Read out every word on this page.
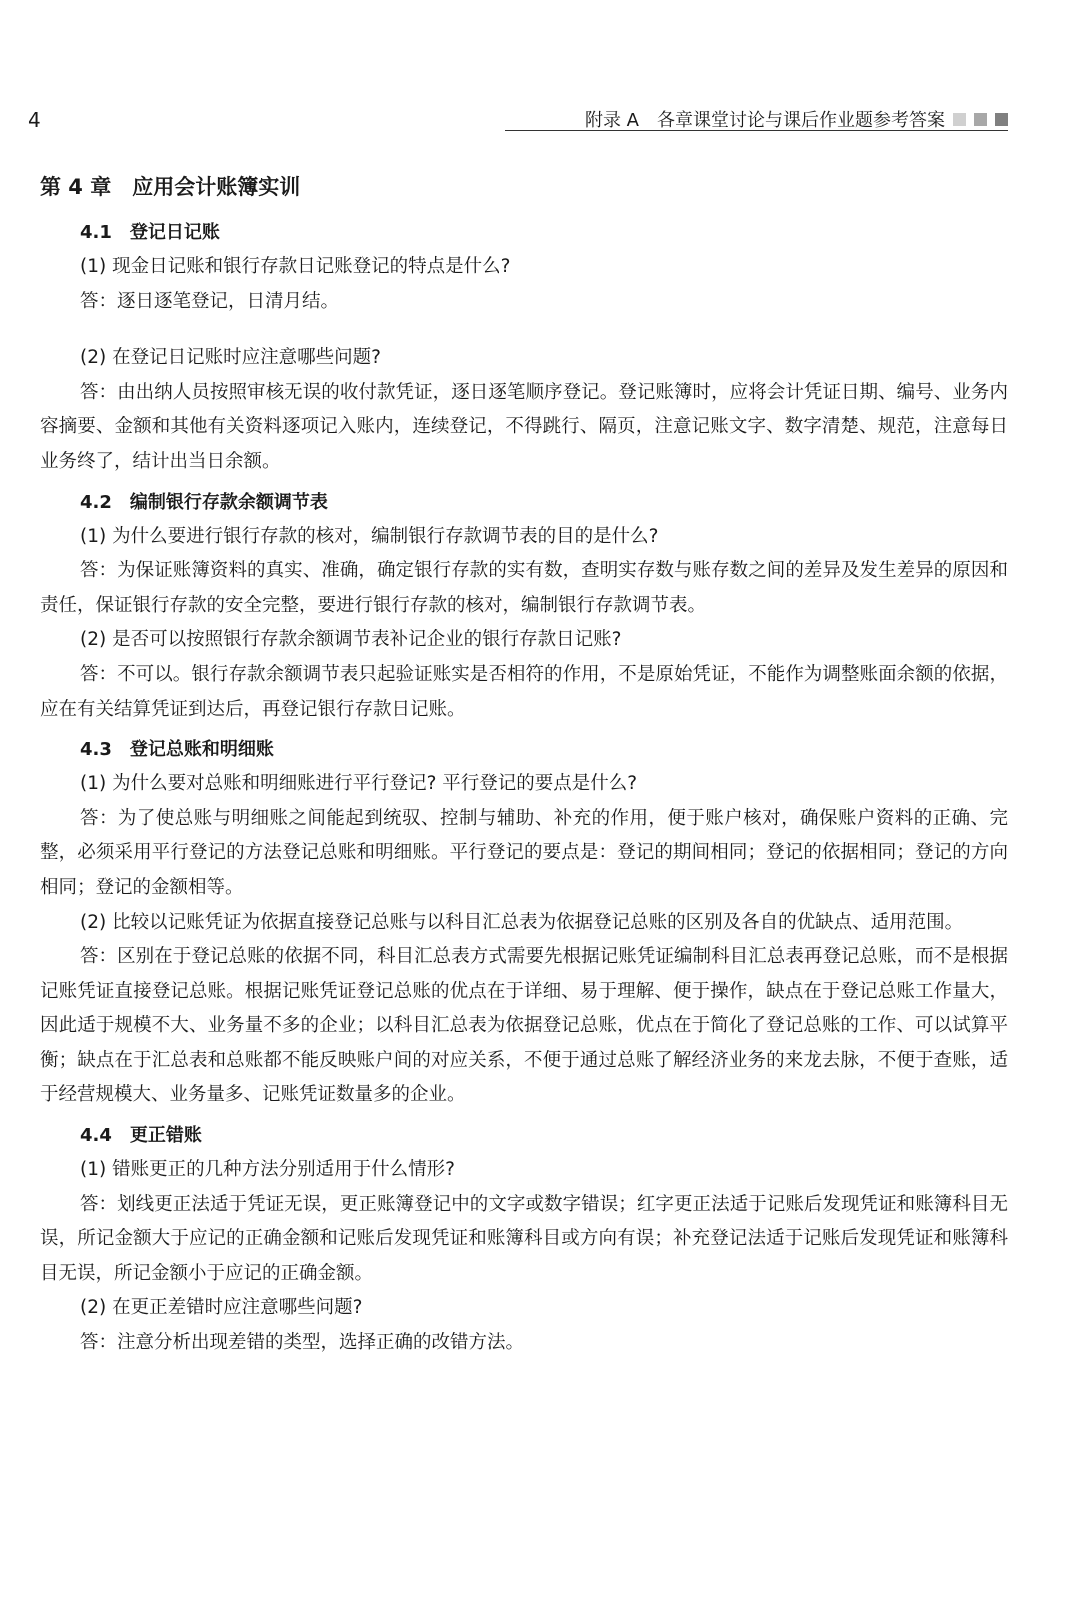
4	附录 A　各章课堂讨论与课后作业题参考答案
第 4 章　应用会计账簿实训
4.1　登记日记账

(1) 现金日记账和银行存款日记账登记的特点是什么?

答：逐日逐笔登记，日清月结。

(2) 在登记日记账时应注意哪些问题?

答：由出纳人员按照审核无误的收付款凭证，逐日逐笔顺序登记。登记账簿时，应将会计凭证日期、编号、业务内容摘要、金额和其他有关资料逐项记入账内，连续登记，不得跳行、隔页，注意记账文字、数字清楚、规范，注意每日业务终了，结计出当日余额。

4.2　编制银行存款余额调节表

(1) 为什么要进行银行存款的核对，编制银行存款调节表的目的是什么?

答：为保证账簿资料的真实、准确，确定银行存款的实有数，查明实存数与账存数之间的差异及发生差异的原因和责任，保证银行存款的安全完整，要进行银行存款的核对，编制银行存款调节表。

(2) 是否可以按照银行存款余额调节表补记企业的银行存款日记账?

答：不可以。银行存款余额调节表只起验证账实是否相符的作用，不是原始凭证，不能作为调整账面余额的依据，应在有关结算凭证到达后，再登记银行存款日记账。

4.3　登记总账和明细账

(1) 为什么要对总账和明细账进行平行登记? 平行登记的要点是什么?

答：为了使总账与明细账之间能起到统驭、控制与辅助、补充的作用，便于账户核对，确保账户资料的正确、完整，必须采用平行登记的方法登记总账和明细账。平行登记的要点是：登记的期间相同；登记的依据相同；登记的方向相同；登记的金额相等。

(2) 比较以记账凭证为依据直接登记总账与以科目汇总表为依据登记总账的区别及各自的优缺点、适用范围。

答：区别在于登记总账的依据不同，科目汇总表方式需要先根据记账凭证编制科目汇总表再登记总账，而不是根据记账凭证直接登记总账。根据记账凭证登记总账的优点在于详细、易于理解、便于操作，缺点在于登记总账工作量大，因此适于规模不大、业务量不多的企业；以科目汇总表为依据登记总账，优点在于简化了登记总账的工作、可以试算平衡；缺点在于汇总表和总账都不能反映账户间的对应关系，不便于通过总账了解经济业务的来龙去脉，不便于查账，适于经营规模大、业务量多、记账凭证数量多的企业。

4.4　更正错账

(1) 错账更正的几种方法分别适用于什么情形?

答：划线更正法适于凭证无误，更正账簿登记中的文字或数字错误；红字更正法适于记账后发现凭证和账簿科目无误，所记金额大于应记的正确金额和记账后发现凭证和账簿科目或方向有误；补充登记法适于记账后发现凭证和账簿科目无误，所记金额小于应记的正确金额。

(2) 在更正差错时应注意哪些问题?

答：注意分析出现差错的类型，选择正确的改错方法。
